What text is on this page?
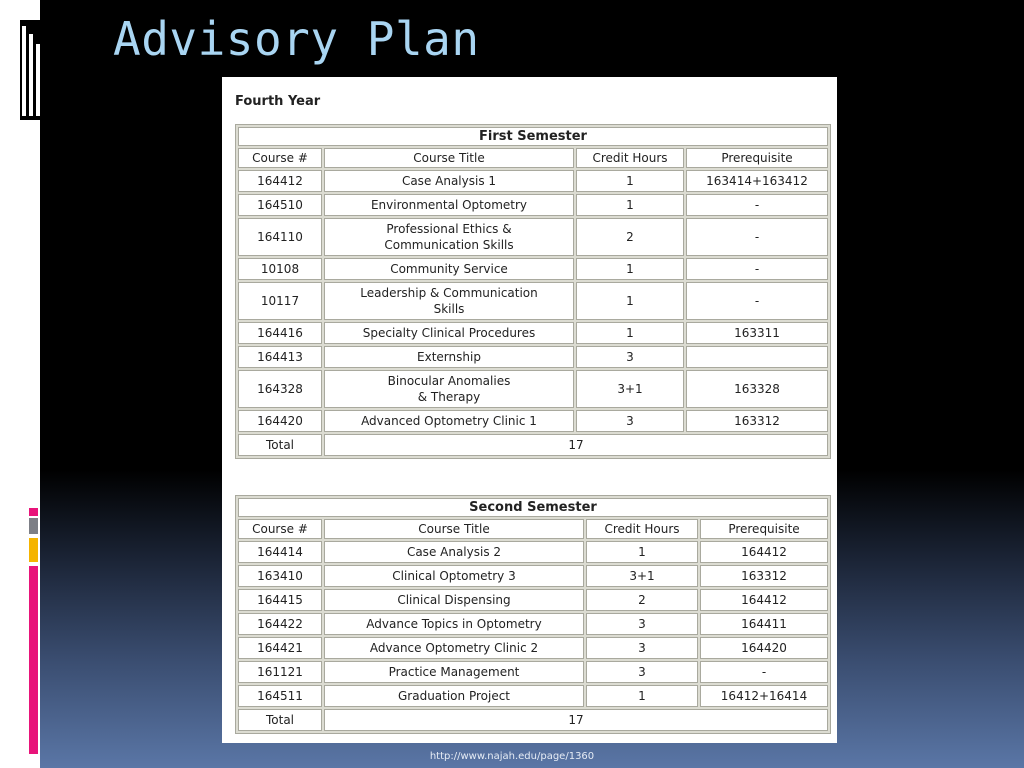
Advisory Plan
Fourth Year
First Semester			
Course #	Course Title	Credit Hours	Prerequisite
164412	Case Analysis 1	1	163414+163412
164510	Environmental Optometry	1	-
164110	Professional Ethics & Communication Skills	2	-
10108	Community Service	1	-
10117	Leadership & Communication Skills	1	-
164416	Specialty Clinical Procedures	1	163311
164413	Externship	3	
164328	Binocular Anomalies & Therapy	3+1	163328
164420	Advanced Optometry Clinic 1	3	163312
Total	17		
Second Semester			
Course #	Course Title	Credit Hours	Prerequisite
164414	Case Analysis 2	1	164412
163410	Clinical Optometry 3	3+1	163312
164415	Clinical Dispensing	2	164412
164422	Advance Topics in Optometry	3	164411
164421	Advance Optometry Clinic 2	3	164420
161121	Practice Management	3	-
164511	Graduation Project	1	16412+16414
Total	17		
http://www.najah.edu/page/1360
